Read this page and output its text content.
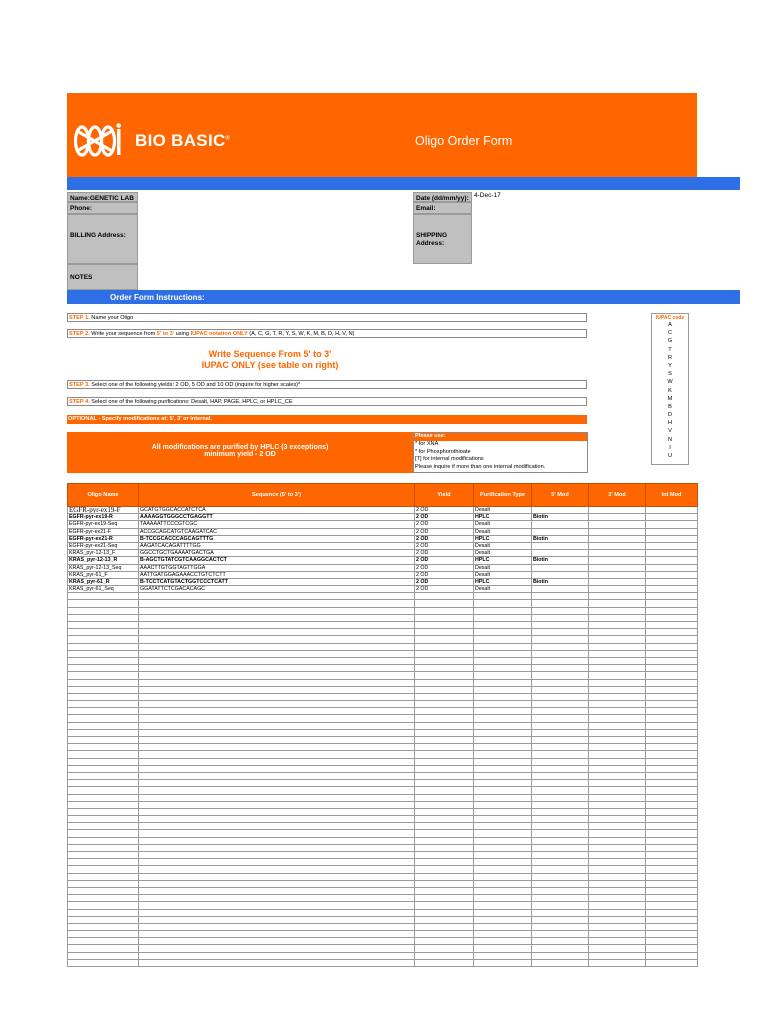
BIO BASIC®	Oligo Order Form
Name:GENETIC LAB
Phone:
BILLING Address:
NOTES
Date (dd/mm/yy): 4-Dec-17
Email:
SHIPPING Address:
Order Form Instructions:
STEP 1. Name your Oligo
STEP 2. Write your sequence from 5' to 3' using IUPAC notation ONLY (A, C, G, T, R, Y, S, W, K, M, B, D, H, V, N)
Write Sequence From 5' to 3'
IUPAC ONLY (see table on right)
STEP 3. Select one of the following yields: 2 OD, 5 OD and 10 OD (inquire for higher scales)*
STEP 4. Select one of the following purifications: Desalt, HAP, PAGE, HPLC, or HPLC_CE
OPTIONAL - Specify modifications at: 5', 3' or internal.
All modifications are purified by HPLC (3 exceptions)
minimum yield - 2 OD
Please use:
* for XNA
* for Phosphorothioate
[T] for internal modifications
Please inquire if more than one internal modification.
IUPAC code
A
C
G
T
R
Y
S
W
K
M
B
D
H
V
N
I
U
Oligo Name	Sequence (5' to 3')	Yield	Purification Type	5' Mod	3' Mod	Int Mod
EGFR-pyr-ex19-F	GCATGTGGCACCATCTCA	2 OD	Desalt			
EGFR-pyr-ex19-R	AAAAGGTGGGCCTGAGGTT	2 OD	HPLC	Biotin		
EGFR-pyr-ex19-Seq	TAAAAATTCCCGTCGC	2 OD	Desalt			
EGFR-pyr-ex21-F	ACCGCAGCATGTCAAGATCAC	2 OD	Desalt			
EGFR-pyr-ex21-R	B-TCCGCACCCAGCAGTTTG	2 OD	HPLC	Biotin		
EGFR-pyr-ex21-Seq	AAGATCACAGATTTTGG	2 OD	Desalt			
KRAS_pyr-12-13_F	GGCCTGCTGAAAATGACTGA	2 OD	Desalt			
KRAS_pyr-12-13_R	B-AGCTGTATCGTCAAGGCACTCT	2 OD	HPLC	Biotin		
KRAS_pyr-12-13_Seq	AAACTTGTGGTAGTTGGA	2 OD	Desalt			
KRAS_pyr-61_F	AATTGATGGAGAAACCTGTCTCTT	2 OD	Desalt			
KRAS_pyr-61_R	B-TCCTCATGTACTGGTCCCTCATT	2 OD	HPLC	Biotin		
KRAS_pyr-61_Seq	GGATATTCTCGACACAGC	2 OD	Desalt			
